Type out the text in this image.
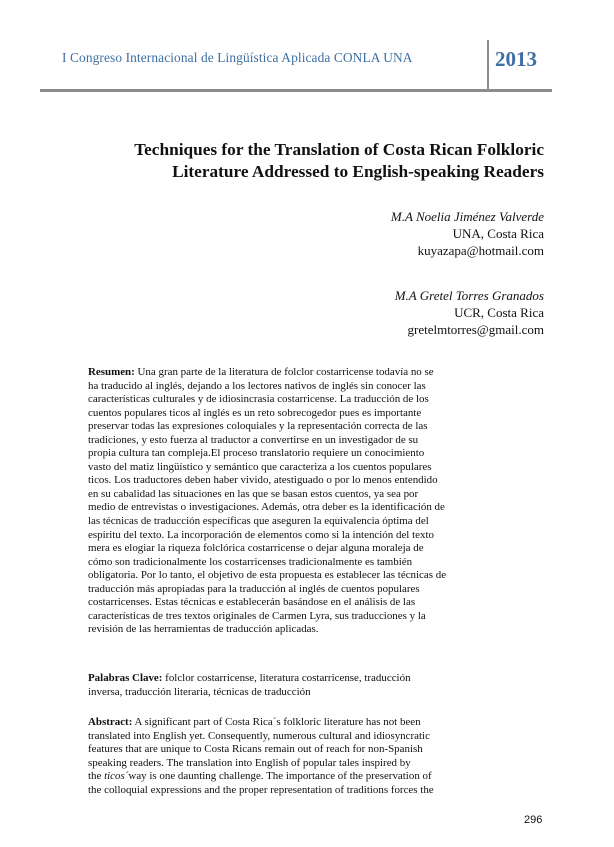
I Congreso Internacional de Lingüística Aplicada CONLA UNA	2013
Techniques for the Translation of Costa Rican Folkloric
Literature Addressed to English-speaking Readers
M.A Noelia Jiménez Valverde
UNA, Costa Rica
kuyazapa@hotmail.com
M.A Gretel Torres Granados
UCR, Costa Rica
gretelmtorres@gmail.com
Resumen: Una gran parte de la literatura de folclor costarricense todavía no se
ha traducido al inglés, dejando a los lectores nativos de inglés sin conocer las
características culturales y de idiosincrasia costarricense. La traducción de los
cuentos populares ticos al inglés es un reto sobrecogedor pues es importante
preservar todas las expresiones coloquiales y la representación correcta de las
tradiciones, y esto fuerza al traductor a convertirse en un investigador de su
propia cultura tan compleja.El proceso translatorio requiere un conocimiento
vasto del matiz lingüístico y semántico que caracteriza a los cuentos populares
ticos. Los traductores deben haber vivido, atestiguado o por lo menos entendido
en su cabalidad las situaciones en las que se basan estos cuentos, ya sea por
medio de entrevistas o investigaciones. Además, otra deber es la identificación de
las técnicas de traducción específicas que aseguren la equivalencia óptima del
espíritu del texto. La incorporación de elementos como si la intención del texto
mera es elogiar la riqueza folclórica costarricense o dejar alguna moraleja de
cómo son tradicionalmente los costarricenses tradicionalmente es también
obligatoria. Por lo tanto, el objetivo de esta propuesta es establecer las técnicas de
traducción más apropiadas para la traducción al inglés de cuentos populares
costarricenses. Estas técnicas e establecerán basándose en el análisis de las
características de tres textos originales de Carmen Lyra, sus traducciones y la
revisión de las herramientas de traducción aplicadas.
Palabras Clave: folclor costarricense, literatura costarricense, traducción
inversa, traducción literaria, técnicas de traducción
Abstract: A significant part of Costa Rica´s folkloric literature has not been
translated into English yet. Consequently, numerous cultural and idiosyncratic
features that are unique to Costa Ricans remain out of reach for non-Spanish
speaking readers. The translation into English of popular tales inspired by
the ticos´way is one daunting challenge. The importance of the preservation of
the colloquial expressions and the proper representation of traditions forces the
296
